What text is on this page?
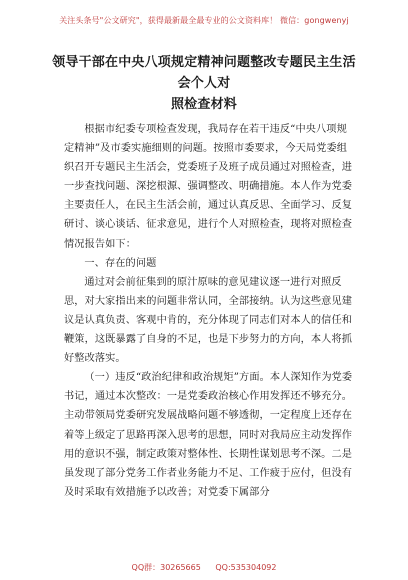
关注头条号"公文研究"，获得最新最全最专业的公文资料库！ 微信：gongwenyj
领导干部在中央八项规定精神问题整改专题民主生活会个人对
照检查材料

根据市纪委专项检查发现，我局存在若干违反“中央八项规定精神”及市委实施细则的问题。按照市委要求，今天局党委组织召开专题民主生活会，党委班子及班子成员通过对照检查，进一步查找问题、深挖根源、强调整改、明确措施。本人作为党委主要责任人，在民主生活会前，通过认真反思、全面学习、反复研讨、谈心谈话、征求意见，进行个人对照检查，现将对照检查情况报告如下：

一、存在的问题

通过对会前征集到的原汁原味的意见建议逐一进行对照反思，对大家指出来的问题非常认同，全部接纳。认为这些意见建议是认真负责、客观中肯的，充分体现了同志们对本人的信任和鞭策，这既暴露了自身的不足，也是下步努力的方向，本人将抓好整改落实。

（一）违反“政治纪律和政治规矩”方面。本人深知作为党委书记，通过本次整改：一是党委政治核心作用发挥还不够充分。主动带领局党委研究发展战略问题不够透彻，一定程度上还存在着等上级定了思路再深入思考的思想，同时对我局应主动发挥作用的意识不强，制定政策对整体性、长期性谋划思考不深。二是虽发现了部分党务工作者业务能力不足、工作疲于应付，但没有及时采取有效措施予以改善；对党委下属部分

QQ群：30265665 QQ:535304092
